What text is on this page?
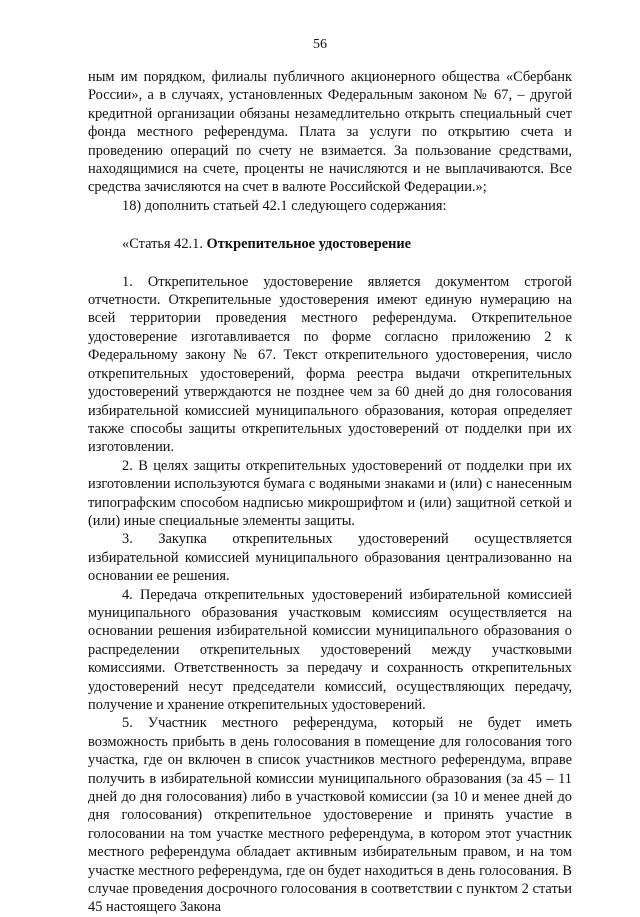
56

ным им порядком, филиалы публичного акционерного общества «Сбербанк России», а в случаях, установленных Федеральным законом № 67, – другой кредитной организации обязаны незамедлительно открыть специальный счет фонда местного референдума. Плата за услуги по открытию счета и проведению операций по счету не взимается. За пользование средствами, находящимися на счете, проценты не начисляются и не выплачиваются. Все средства зачисляются на счет в валюте Российской Федерации.»;

18) дополнить статьей 42.1 следующего содержания:

«Статья 42.1. Открепительное удостоверение

1. Открепительное удостоверение является документом строгой отчетности. Открепительные удостоверения имеют единую нумерацию на всей территории проведения местного референдума. Открепительное удостоверение изготавливается по форме согласно приложению 2 к Федеральному закону № 67. Текст открепительного удостоверения, число открепительных удостоверений, форма реестра выдачи открепительных удостоверений утверждаются не позднее чем за 60 дней до дня голосования избирательной комиссией муниципального образования, которая определяет также способы защиты открепительных удостоверений от подделки при их изготовлении.

2. В целях защиты открепительных удостоверений от подделки при их изготовлении используются бумага с водяными знаками и (или) с нанесенным типографским способом надписью микрошрифтом и (или) защитной сеткой и (или) иные специальные элементы защиты.

3. Закупка открепительных удостоверений осуществляется избирательной комиссией муниципального образования централизованно на основании ее решения.

4. Передача открепительных удостоверений избирательной комиссией муниципального образования участковым комиссиям осуществляется на основании решения избирательной комиссии муниципального образования о распределении открепительных удостоверений между участковыми комиссиями. Ответственность за передачу и сохранность открепительных удостоверений несут председатели комиссий, осуществляющих передачу, получение и хранение открепительных удостоверений.

5. Участник местного референдума, который не будет иметь возможность прибыть в день голосования в помещение для голосования того участка, где он включен в список участников местного референдума, вправе получить в избирательной комиссии муниципального образования (за 45 – 11 дней до дня голосования) либо в участковой комиссии (за 10 и менее дней до дня голосования) открепительное удостоверение и принять участие в голосовании на том участке местного референдума, в котором этот участник местного референдума обладает активным избирательным правом, и на том участке местного референдума, где он будет находиться в день голосования. В случае проведения досрочного голосования в соответствии с пунктом 2 статьи 45 настоящего Закона
